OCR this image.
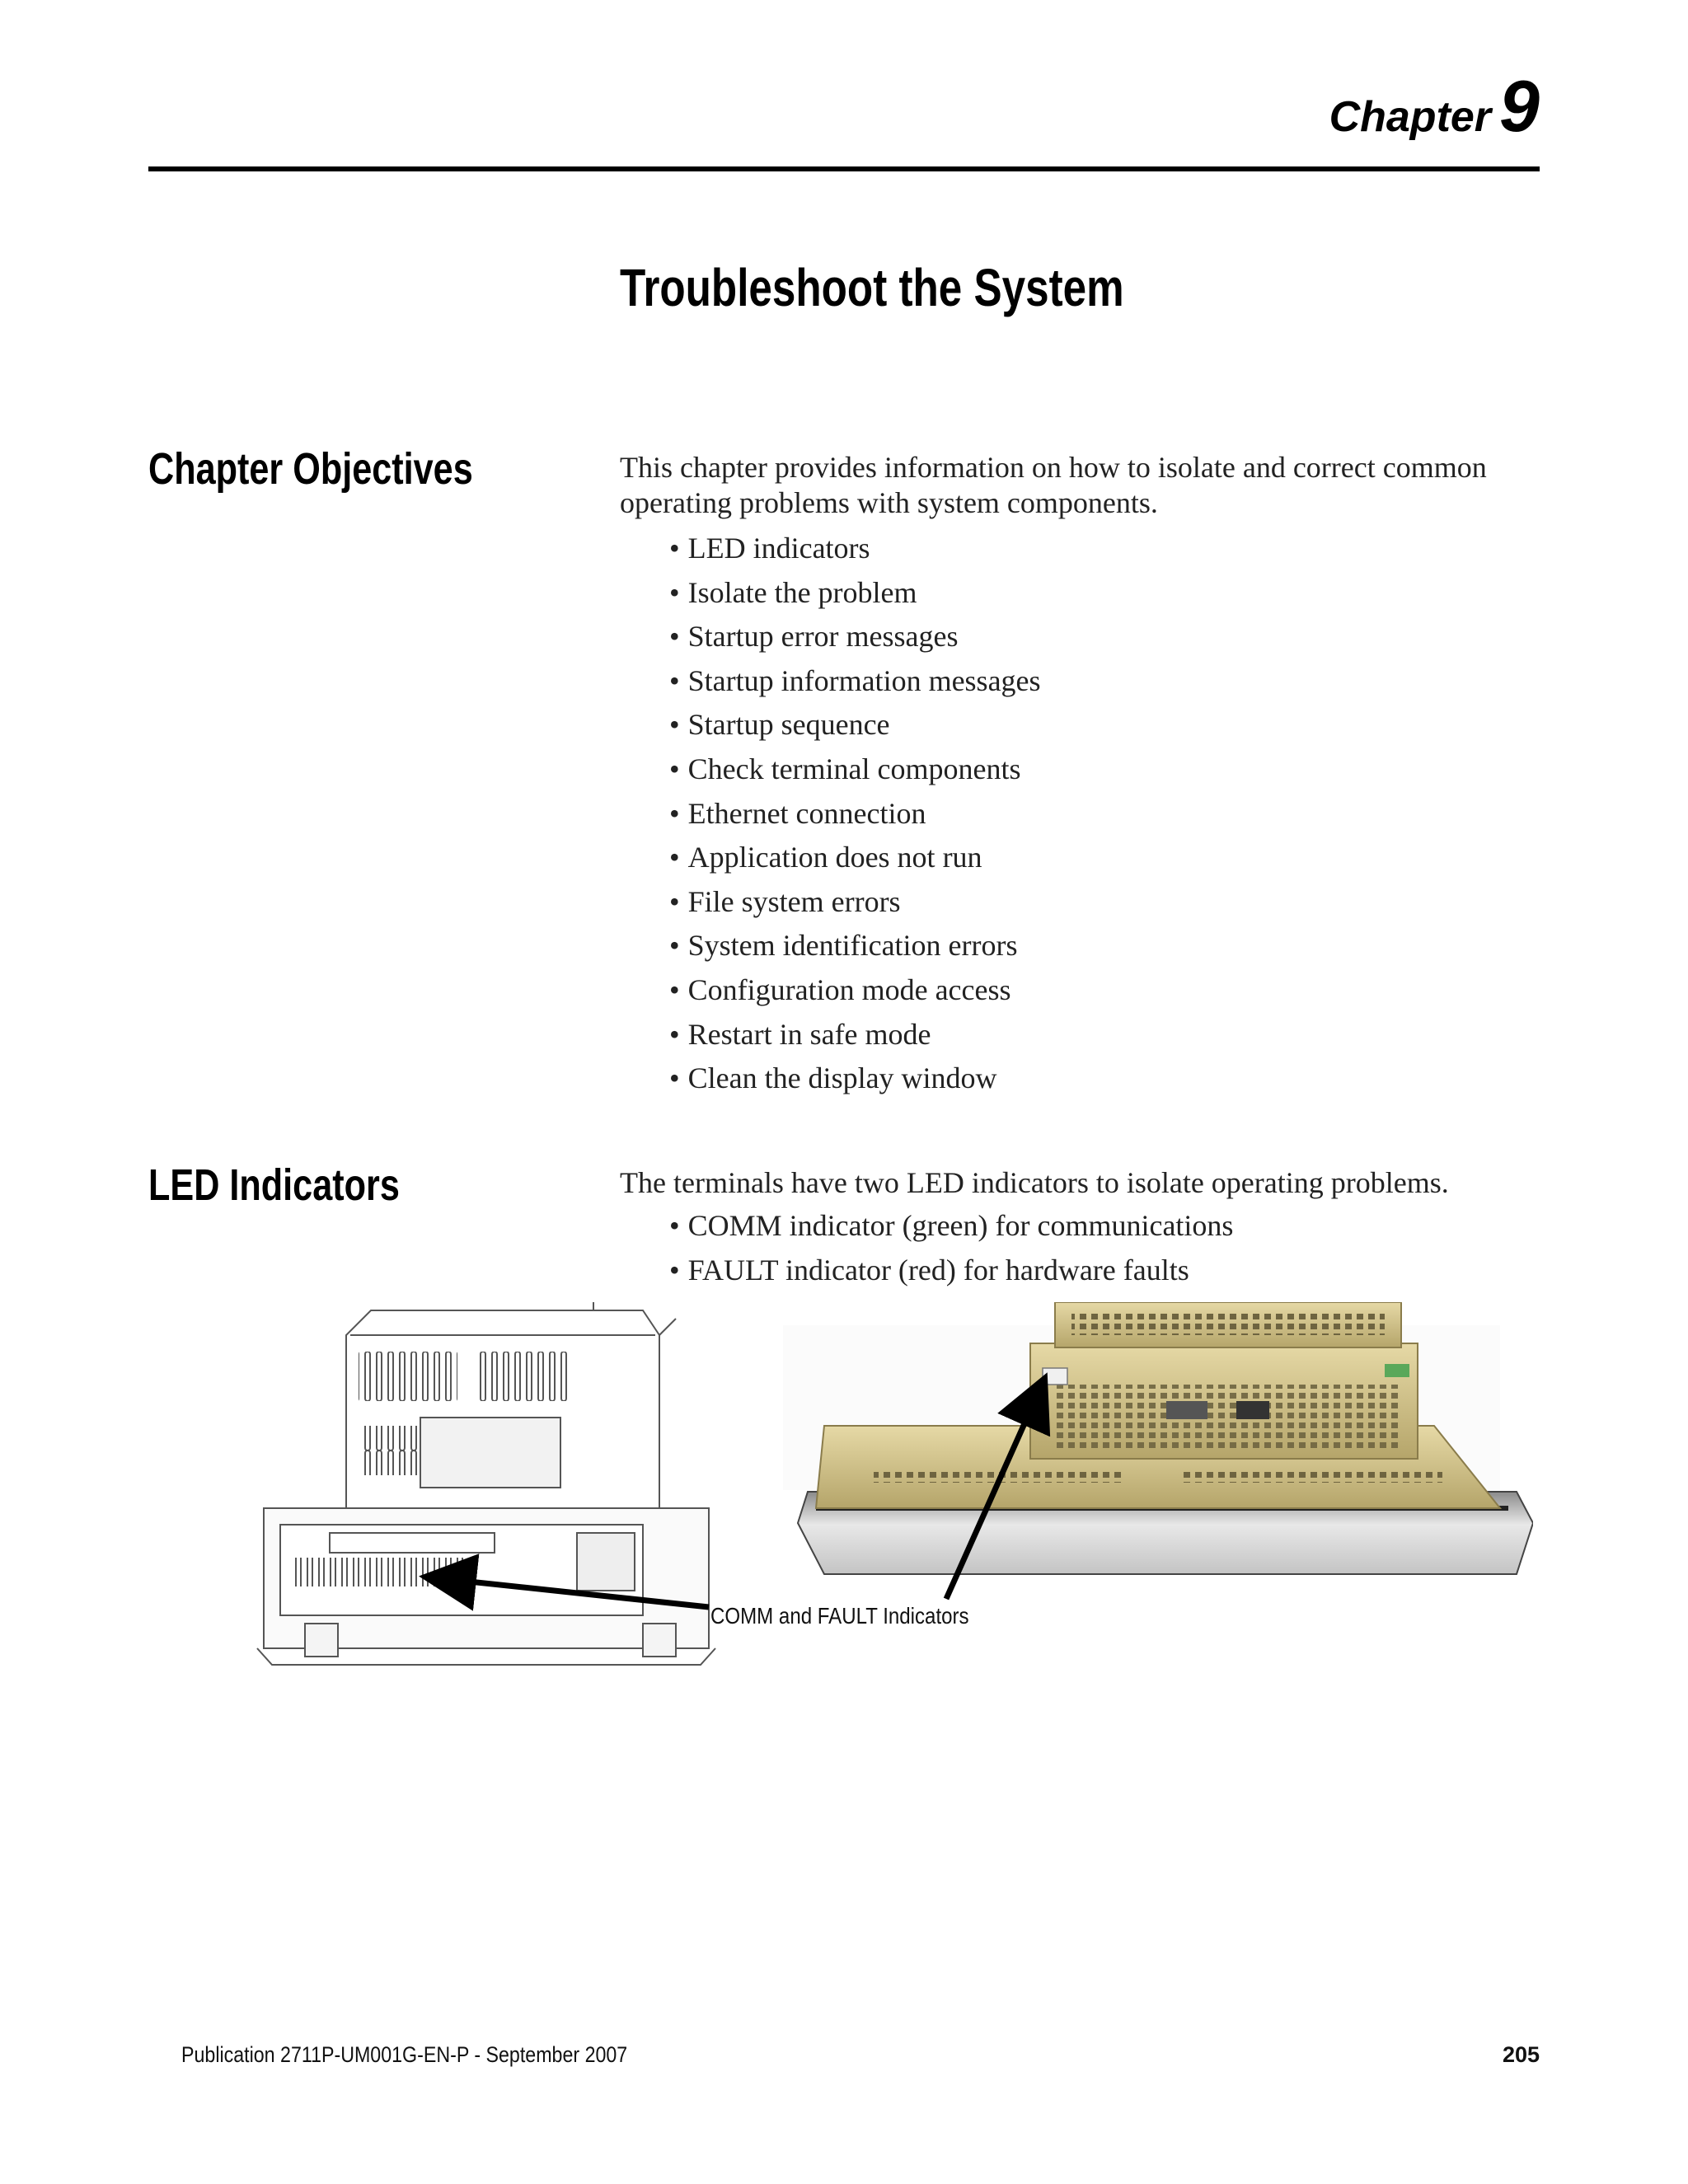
Chapter 9
Troubleshoot the System
Chapter Objectives	This chapter provides information on how to isolate and correct common operating problems with system components.
• LED indicators
• Isolate the problem
• Startup error messages
• Startup information messages
• Startup sequence
• Check terminal components
• Ethernet connection
• Application does not run
• File system errors
• System identification errors
• Configuration mode access
• Restart in safe mode
• Clean the display window
LED Indicators	The terminals have two LED indicators to isolate operating problems.
• COMM indicator (green) for communications
• FAULT indicator (red) for hardware faults
COMM and FAULT Indicators
Publication 2711P-UM001G-EN-P - September 2007	205
